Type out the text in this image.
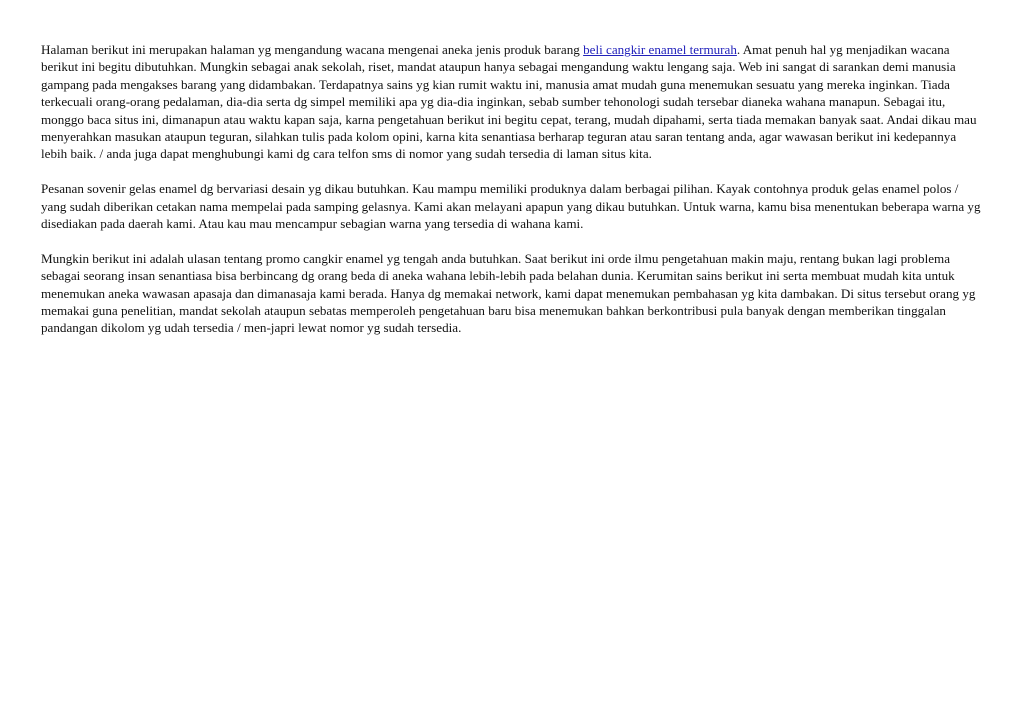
Halaman berikut ini merupakan halaman yg mengandung wacana mengenai aneka jenis produk barang beli cangkir enamel termurah. Amat penuh hal yg menjadikan wacana berikut ini begitu dibutuhkan. Mungkin sebagai anak sekolah, riset, mandat ataupun hanya sebagai mengandung waktu lengang saja. Web ini sangat di sarankan demi manusia gampang pada mengakses barang yang didambakan. Terdapatnya sains yg kian rumit waktu ini, manusia amat mudah guna menemukan sesuatu yang mereka inginkan. Tiada terkecuali orang-orang pedalaman, dia-dia serta dg simpel memiliki apa yg dia-dia inginkan, sebab sumber tehonologi sudah tersebar dianeka wahana manapun. Sebagai itu, monggo baca situs ini, dimanapun atau waktu kapan saja, karna pengetahuan berikut ini begitu cepat, terang, mudah dipahami, serta tiada memakan banyak saat. Andai dikau mau menyerahkan masukan ataupun teguran, silahkan tulis pada kolom opini, karna kita senantiasa berharap teguran atau saran tentang anda, agar wawasan berikut ini kedepannya lebih baik. / anda juga dapat menghubungi kami dg cara telfon sms di nomor yang sudah tersedia di laman situs kita.

Pesanan sovenir gelas enamel dg bervariasi desain yg dikau butuhkan. Kau mampu memiliki produknya dalam berbagai pilihan. Kayak contohnya produk gelas enamel polos / yang sudah diberikan cetakan nama mempelai pada samping gelasnya. Kami akan melayani apapun yang dikau butuhkan. Untuk warna, kamu bisa menentukan beberapa warna yg disediakan pada daerah kami. Atau kau mau mencampur sebagian warna yang tersedia di wahana kami.

Mungkin berikut ini adalah ulasan tentang promo cangkir enamel yg tengah anda butuhkan. Saat berikut ini orde ilmu pengetahuan makin maju, rentang bukan lagi problema sebagai seorang insan senantiasa bisa berbincang dg orang beda di aneka wahana lebih-lebih pada belahan dunia. Kerumitan sains berikut ini serta membuat mudah kita untuk menemukan aneka wawasan apasaja dan dimanasaja kami berada. Hanya dg memakai network, kami dapat menemukan pembahasan yg kita dambakan. Di situs tersebut orang yg memakai guna penelitian, mandat sekolah ataupun sebatas memperoleh pengetahuan baru bisa menemukan bahkan berkontribusi pula banyak dengan memberikan tinggalan pandangan dikolom yg udah tersedia / men-japri lewat nomor yg sudah tersedia.
